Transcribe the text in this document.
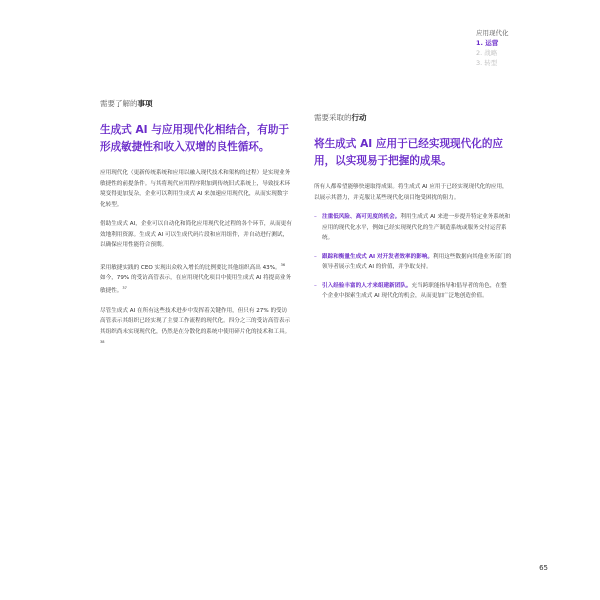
应用现代化
1. 运营
2. 战略
3. 转型
需要了解的事项
生成式 AI 与应用现代化相结合，有助于形成敏捷性和收入双增的良性循环。

应用现代化（更新传统系统和应用以融入现代技术和架构的过程）是实现业务敏捷性的前提条件。与其将现代应用程序附加到传统旧式系统上，导致技术环境变得更加复杂，企业可以利用生成式 AI 来加速应用现代化，从而实现数字化转型。

借助生成式 AI，企业可以自动化和简化应用现代化过程的各个环节，从而更有效地利用资源。生成式 AI 可以生成代码片段和应用组件，并自动进行测试，以确保应用性能符合预期。

采用敏捷实践的 CEO 实现出众收入增长的比例要比其他组织高出 43%。$^{36}$ 如今，79% 的受访高管表示，在应用现代化项目中使用生成式 AI 将提高业务敏捷性。$^{37}$

尽管生成式 AI 在所有这些技术进步中发挥着关键作用，但只有 27% 的受访高管表示其组织已经实现了主要工作流程的现代化。四分之三的受访高管表示其组织尚未实现现代化，仍然是在分散化的系统中使用碎片化的技术和工具。$^{38}$

需要采取的行动
将生成式 AI 应用于已经实现现代化的应用，以实现易于把握的成果。

所有人都希望能够快速取得成果。将生成式 AI 应用于已经实现现代化的应用，以展示其潜力，并克服让某些现代化项目饱受困扰的阻力。

– 注重低风险、高可见度的机会。利用生成式 AI 来进一步提升特定业务系统和应用的现代化水平，例如已经实现现代化的生产制造系统或服务交付运营系统。
– 跟踪和衡量生成式 AI 对开发者效率的影响。利用这些数据向其他业务部门的领导者展示生成式 AI 的价值，并争取支持。
– 引入经验丰富的人才来组建新团队。充当跨职能指导和倡导者的角色，在整个企业中探索生成式 AI 现代化的机会，从而更加广泛地创造价值。
65
